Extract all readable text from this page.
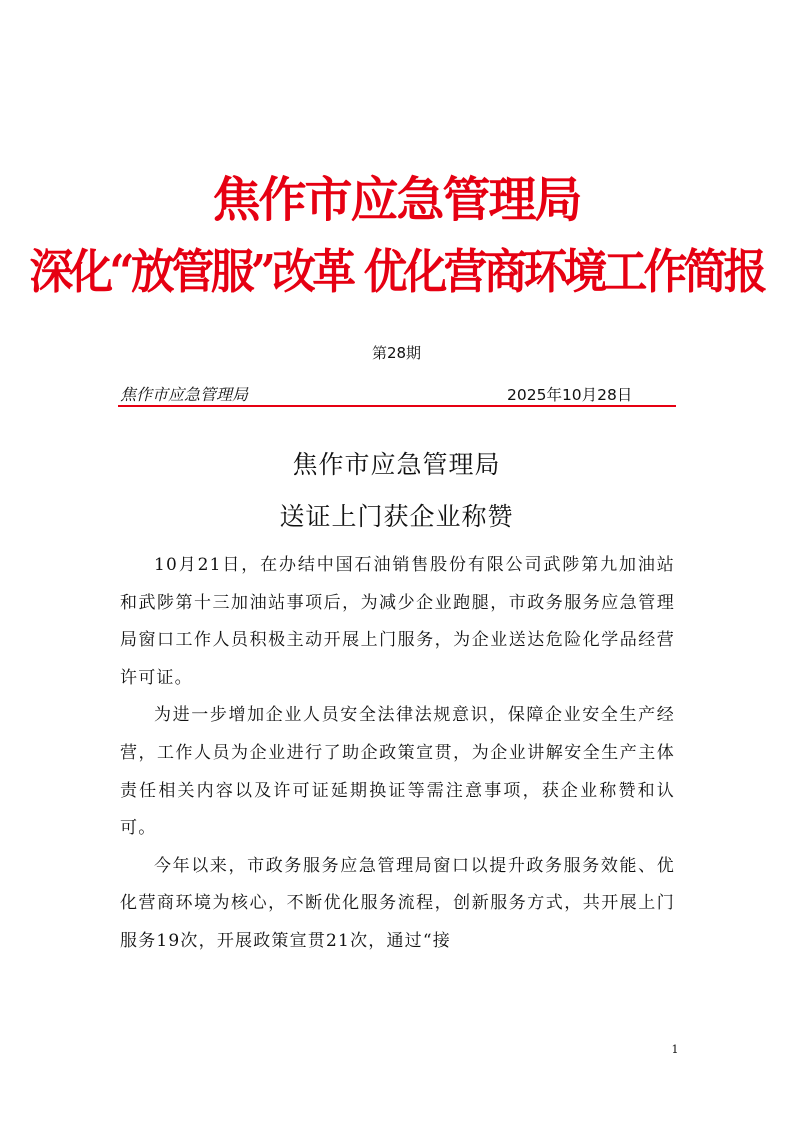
焦作市应急管理局
深化“放管服”改革 优化营商环境工作简报
第28期
焦作市应急管理局	2025年10月28日
焦作市应急管理局
送证上门获企业称赞

10月21日，在办结中国石油销售股份有限公司武陟第九加油站和武陟第十三加油站事项后，为减少企业跑腿，市政务服务应急管理局窗口工作人员积极主动开展上门服务，为企业送达危险化学品经营许可证。

为进一步增加企业人员安全法律法规意识，保障企业安全生产经营，工作人员为企业进行了助企政策宣贯，为企业讲解安全生产主体责任相关内容以及许可证延期换证等需注意事项，获企业称赞和认可。

今年以来，市政务服务应急管理局窗口以提升政务服务效能、优化营商环境为核心，不断优化服务流程，创新服务方式，共开展上门服务19次，开展政策宣贯21次，通过“接

1
